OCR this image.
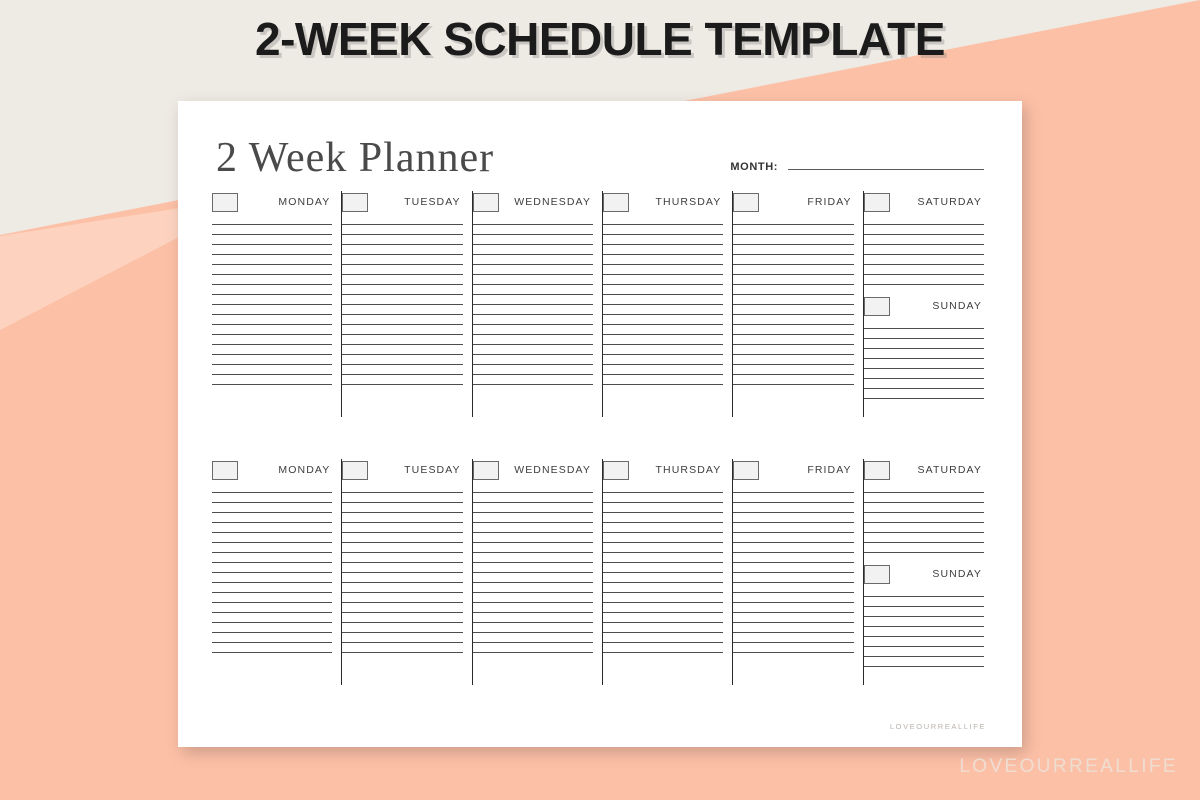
2-WEEK SCHEDULE TEMPLATE
2 Week Planner	MONTH:
MONDAY	TUESDAY	WEDNESDAY	THURSDAY	FRIDAY	SATURDAY
SUNDAY
MONDAY	TUESDAY	WEDNESDAY	THURSDAY	FRIDAY	SATURDAY
SUNDAY
LOVEOURREALLIFE
LOVEOURREALLIFE
